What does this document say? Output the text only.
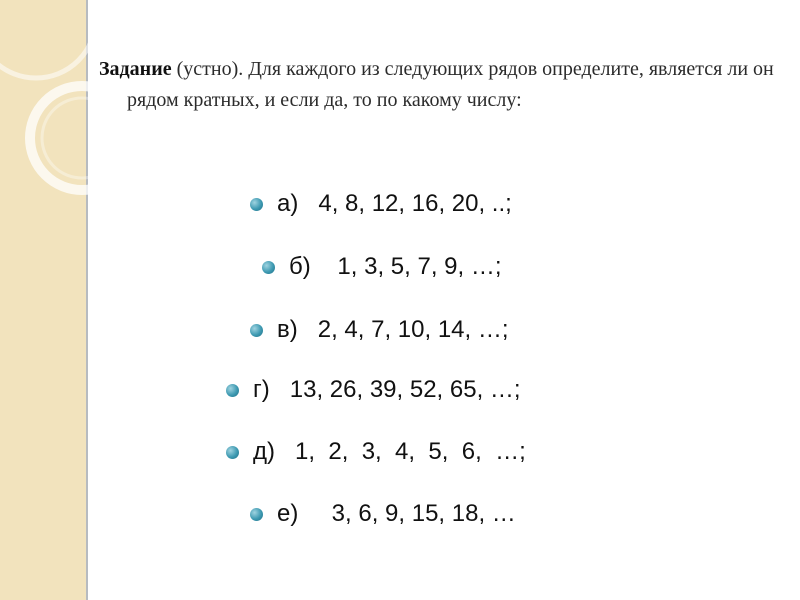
Задание (устно). Для каждого из следующих рядов определите, является ли он рядом кратных, и если да, то по какому числу:

а) 4, 8, 12, 16, 20, ..;
б) 1, 3, 5, 7, 9, …;
в) 2, 4, 7, 10, 14, …;
г) 13, 26, 39, 52, 65, …;
д) 1,  2,  3,  4,  5,  6,  …;
е) 3, 6, 9, 15, 18, …
